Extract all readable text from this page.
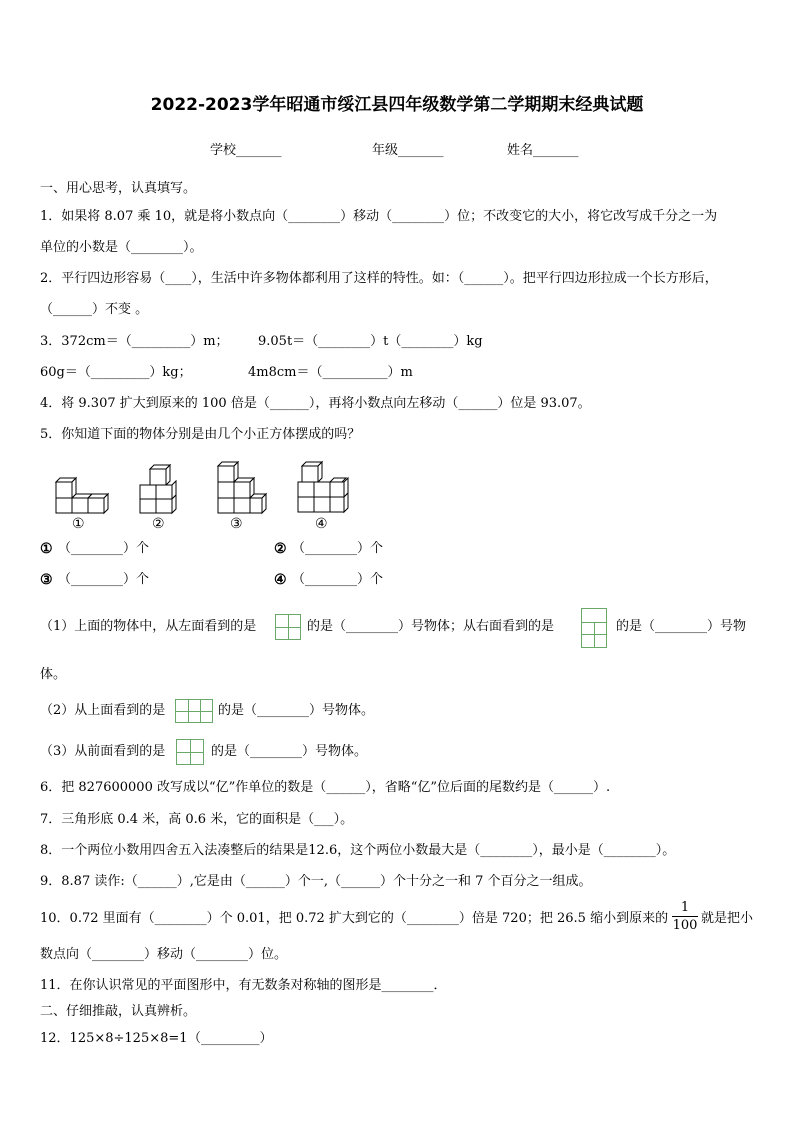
2022-2023学年昭通市绥江县四年级数学第二学期期末经典试题
学校_______	年级_______	姓名_______
一、用心思考，认真填写。
1．如果将 8.07 乘 10，就是将小数点向（________）移动（________）位；不改变它的大小，将它改写成千分之一为
单位的小数是（________）。
2．平行四边形容易（____），生活中许多物体都利用了这样的特性。如：（______）。把平行四边形拉成一个长方形后，
（______）不变 。
3．372cm＝（_________）m； 9.05t＝（________）t（________）kg
60g＝（_________）kg；	4m8cm＝（__________）m
4．将 9.307 扩大到原来的 100 倍是（______），再将小数点向左移动（______）位是 93.07。
5．你知道下面的物体分别是由几个小正方体摆成的吗？
①	②	③	④
① （________）个	② （________）个
③ （________）个	④ （________）个
（1）上面的物体中，从左面看到的是	的是（________）号物体；从右面看到的是	的是（________）号物
体。
（2）从上面看到的是	的是（________）号物体。
（3）从前面看到的是	的是（________）号物体。
6．把 827600000 改写成以“亿”作单位的数是（______），省略“亿”位后面的尾数约是（______）.
7．三角形底 0.4 米，高 0.6 米，它的面积是（___）。
8．一个两位小数用四舍五入法凑整后的结果是12.6，这个两位小数最大是（________），最小是（________）。
9．8.87 读作:（______）,它是由（______）个一,（______）个十分之一和 7 个百分之一组成。
10．0.72 里面有（________）个 0.01，把 0.72 扩大到它的（________）倍是 720；把 26.5 缩小到原来的
1
100 就是把小
数点向（________）移动（________）位。
11．在你认识常见的平面图形中，有无数条对称轴的图形是________．
二、仔细推敲，认真辨析。
12．125×8÷125×8=1 （_________）
